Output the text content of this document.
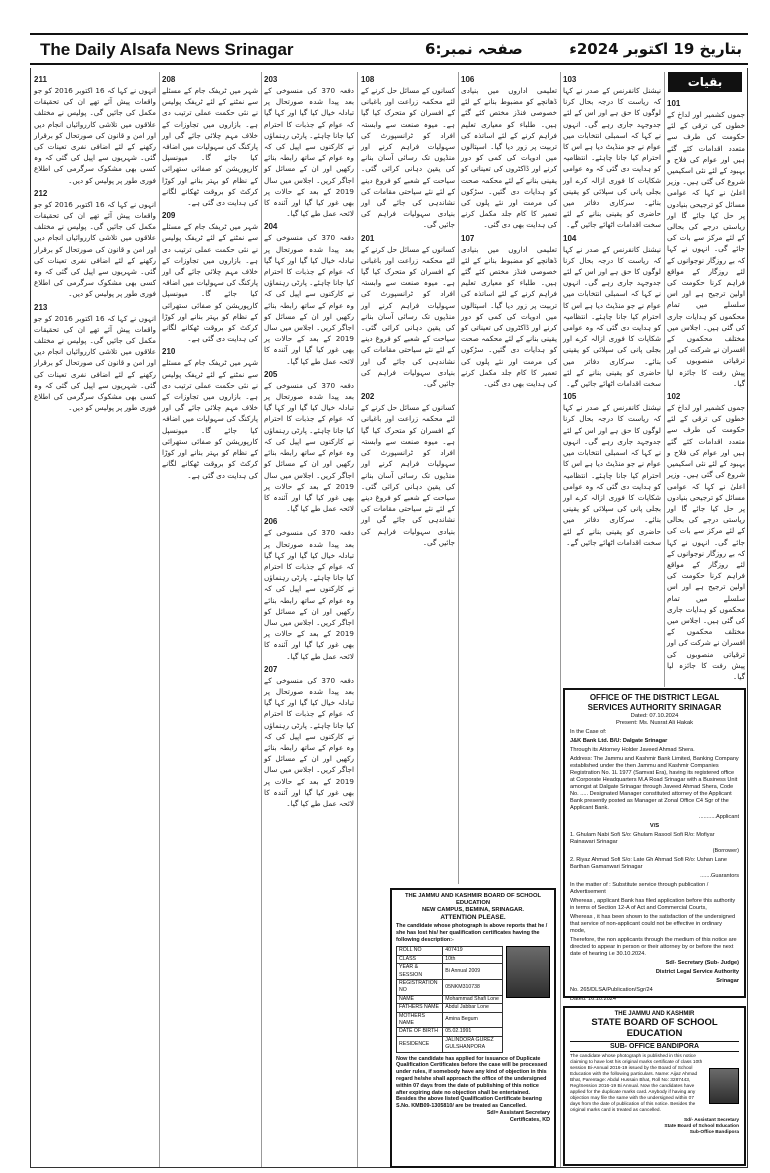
The Daily Alsafa News Srinagar	صفحہ نمبر:6	بتاریخ 19 اکتوبر 2024ء
بقیات
101
جموں کشمیر اور لداخ کے خطوں کی ترقی کے لئے حکومت کی طرف سے متعدد اقدامات کئے گئے ہیں اور عوام کی فلاح و بہبود کے لئے نئی اسکیمیں شروع کی گئی ہیں۔ وزیر اعلیٰ نے کہا کہ عوامی مسائل کو ترجیحی بنیادوں پر حل کیا جائے گا اور ریاستی درجے کی بحالی کے لئے مرکز سے بات کی جائے گی۔ انہوں نے کہا کہ بے روزگار نوجوانوں کے لئے روزگار کے مواقع فراہم کرنا حکومت کی اولین ترجیح ہے اور اس سلسلے میں تمام محکموں کو ہدایات جاری کی گئی ہیں۔ اجلاس میں مختلف محکموں کے افسران نے شرکت کی اور ترقیاتی منصوبوں کی پیش رفت کا جائزہ لیا گیا۔
102
جموں کشمیر اور لداخ کے خطوں کی ترقی کے لئے حکومت کی طرف سے متعدد اقدامات کئے گئے ہیں اور عوام کی فلاح و بہبود کے لئے نئی اسکیمیں شروع کی گئی ہیں۔ وزیر اعلیٰ نے کہا کہ عوامی مسائل کو ترجیحی بنیادوں پر حل کیا جائے گا اور ریاستی درجے کی بحالی کے لئے مرکز سے بات کی جائے گی۔ انہوں نے کہا کہ بے روزگار نوجوانوں کے لئے روزگار کے مواقع فراہم کرنا حکومت کی اولین ترجیح ہے اور اس سلسلے میں تمام محکموں کو ہدایات جاری کی گئی ہیں۔ اجلاس میں مختلف محکموں کے افسران نے شرکت کی اور ترقیاتی منصوبوں کی پیش رفت کا جائزہ لیا گیا۔
103
نیشنل کانفرنس کے صدر نے کہا کہ ریاست کا درجہ بحال کرنا لوگوں کا حق ہے اور اس کے لئے جدوجہد جاری رہے گی۔ انہوں نے کہا کہ اسمبلی انتخابات میں عوام نے جو منڈیٹ دیا ہے اس کا احترام کیا جانا چاہئے۔ انتظامیہ کو ہدایت دی گئی کہ وہ عوامی شکایات کا فوری ازالہ کرے اور بجلی پانی کی سپلائی کو یقینی بنائے۔ سرکاری دفاتر میں حاضری کو یقینی بنانے کے لئے سخت اقدامات اٹھائے جائیں گے۔
104
نیشنل کانفرنس کے صدر نے کہا کہ ریاست کا درجہ بحال کرنا لوگوں کا حق ہے اور اس کے لئے جدوجہد جاری رہے گی۔ انہوں نے کہا کہ اسمبلی انتخابات میں عوام نے جو منڈیٹ دیا ہے اس کا احترام کیا جانا چاہئے۔ انتظامیہ کو ہدایت دی گئی کہ وہ عوامی شکایات کا فوری ازالہ کرے اور بجلی پانی کی سپلائی کو یقینی بنائے۔ سرکاری دفاتر میں حاضری کو یقینی بنانے کے لئے سخت اقدامات اٹھائے جائیں گے۔
105
نیشنل کانفرنس کے صدر نے کہا کہ ریاست کا درجہ بحال کرنا لوگوں کا حق ہے اور اس کے لئے جدوجہد جاری رہے گی۔ انہوں نے کہا کہ اسمبلی انتخابات میں عوام نے جو منڈیٹ دیا ہے اس کا احترام کیا جانا چاہئے۔ انتظامیہ کو ہدایت دی گئی کہ وہ عوامی شکایات کا فوری ازالہ کرے اور بجلی پانی کی سپلائی کو یقینی بنائے۔ سرکاری دفاتر میں حاضری کو یقینی بنانے کے لئے سخت اقدامات اٹھائے جائیں گے۔
106
تعلیمی اداروں میں بنیادی ڈھانچے کو مضبوط بنانے کے لئے خصوصی فنڈز مختص کئے گئے ہیں۔ طلباء کو معیاری تعلیم فراہم کرنے کے لئے اساتذہ کی تربیت پر زور دیا گیا۔ اسپتالوں میں ادویات کی کمی کو دور کرنے اور ڈاکٹروں کی تعیناتی کو یقینی بنانے کے لئے محکمہ صحت کو ہدایات دی گئیں۔ سڑکوں کی مرمت اور نئے پلوں کی تعمیر کا کام جلد مکمل کرنے کی ہدایت بھی دی گئی۔
107
تعلیمی اداروں میں بنیادی ڈھانچے کو مضبوط بنانے کے لئے خصوصی فنڈز مختص کئے گئے ہیں۔ طلباء کو معیاری تعلیم فراہم کرنے کے لئے اساتذہ کی تربیت پر زور دیا گیا۔ اسپتالوں میں ادویات کی کمی کو دور کرنے اور ڈاکٹروں کی تعیناتی کو یقینی بنانے کے لئے محکمہ صحت کو ہدایات دی گئیں۔ سڑکوں کی مرمت اور نئے پلوں کی تعمیر کا کام جلد مکمل کرنے کی ہدایت بھی دی گئی۔
108
کسانوں کے مسائل حل کرنے کے لئے محکمہ زراعت اور باغبانی کے افسران کو متحرک کیا گیا ہے۔ میوہ صنعت سے وابستہ افراد کو ٹرانسپورٹ کی سہولیات فراہم کرنے اور منڈیوں تک رسائی آسان بنانے کی یقین دہانی کرائی گئی۔ سیاحت کے شعبے کو فروغ دینے کے لئے نئے سیاحتی مقامات کی نشاندہی کی جائے گی اور بنیادی سہولیات فراہم کی جائیں گی۔
201
کسانوں کے مسائل حل کرنے کے لئے محکمہ زراعت اور باغبانی کے افسران کو متحرک کیا گیا ہے۔ میوہ صنعت سے وابستہ افراد کو ٹرانسپورٹ کی سہولیات فراہم کرنے اور منڈیوں تک رسائی آسان بنانے کی یقین دہانی کرائی گئی۔ سیاحت کے شعبے کو فروغ دینے کے لئے نئے سیاحتی مقامات کی نشاندہی کی جائے گی اور بنیادی سہولیات فراہم کی جائیں گی۔
202
کسانوں کے مسائل حل کرنے کے لئے محکمہ زراعت اور باغبانی کے افسران کو متحرک کیا گیا ہے۔ میوہ صنعت سے وابستہ افراد کو ٹرانسپورٹ کی سہولیات فراہم کرنے اور منڈیوں تک رسائی آسان بنانے کی یقین دہانی کرائی گئی۔ سیاحت کے شعبے کو فروغ دینے کے لئے نئے سیاحتی مقامات کی نشاندہی کی جائے گی اور بنیادی سہولیات فراہم کی جائیں گی۔
203
دفعہ 370 کی منسوخی کے بعد پیدا شدہ صورتحال پر تبادلہ خیال کیا گیا اور کہا گیا کہ عوام کے جذبات کا احترام کیا جانا چاہئے۔ پارٹی رہنماؤں نے کارکنوں سے اپیل کی کہ وہ عوام کے ساتھ رابطہ بنائے رکھیں اور ان کے مسائل کو اجاگر کریں۔ اجلاس میں سال 2019 کے بعد کے حالات پر بھی غور کیا گیا اور آئندہ کا لائحہ عمل طے کیا گیا۔
204
دفعہ 370 کی منسوخی کے بعد پیدا شدہ صورتحال پر تبادلہ خیال کیا گیا اور کہا گیا کہ عوام کے جذبات کا احترام کیا جانا چاہئے۔ پارٹی رہنماؤں نے کارکنوں سے اپیل کی کہ وہ عوام کے ساتھ رابطہ بنائے رکھیں اور ان کے مسائل کو اجاگر کریں۔ اجلاس میں سال 2019 کے بعد کے حالات پر بھی غور کیا گیا اور آئندہ کا لائحہ عمل طے کیا گیا۔
205
دفعہ 370 کی منسوخی کے بعد پیدا شدہ صورتحال پر تبادلہ خیال کیا گیا اور کہا گیا کہ عوام کے جذبات کا احترام کیا جانا چاہئے۔ پارٹی رہنماؤں نے کارکنوں سے اپیل کی کہ وہ عوام کے ساتھ رابطہ بنائے رکھیں اور ان کے مسائل کو اجاگر کریں۔ اجلاس میں سال 2019 کے بعد کے حالات پر بھی غور کیا گیا اور آئندہ کا لائحہ عمل طے کیا گیا۔
206
دفعہ 370 کی منسوخی کے بعد پیدا شدہ صورتحال پر تبادلہ خیال کیا گیا اور کہا گیا کہ عوام کے جذبات کا احترام کیا جانا چاہئے۔ پارٹی رہنماؤں نے کارکنوں سے اپیل کی کہ وہ عوام کے ساتھ رابطہ بنائے رکھیں اور ان کے مسائل کو اجاگر کریں۔ اجلاس میں سال 2019 کے بعد کے حالات پر بھی غور کیا گیا اور آئندہ کا لائحہ عمل طے کیا گیا۔
207
دفعہ 370 کی منسوخی کے بعد پیدا شدہ صورتحال پر تبادلہ خیال کیا گیا اور کہا گیا کہ عوام کے جذبات کا احترام کیا جانا چاہئے۔ پارٹی رہنماؤں نے کارکنوں سے اپیل کی کہ وہ عوام کے ساتھ رابطہ بنائے رکھیں اور ان کے مسائل کو اجاگر کریں۔ اجلاس میں سال 2019 کے بعد کے حالات پر بھی غور کیا گیا اور آئندہ کا لائحہ عمل طے کیا گیا۔
208
شہر میں ٹریفک جام کے مسئلے سے نمٹنے کے لئے ٹریفک پولیس نے نئی حکمت عملی ترتیب دی ہے۔ بازاروں میں تجاوزات کے خلاف مہم چلائی جائے گی اور پارکنگ کی سہولیات میں اضافہ کیا جائے گا۔ میونسپل کارپوریشن کو صفائی ستھرائی کے نظام کو بہتر بنانے اور کوڑا کرکٹ کو بروقت ٹھکانے لگانے کی ہدایت دی گئی ہے۔
209
شہر میں ٹریفک جام کے مسئلے سے نمٹنے کے لئے ٹریفک پولیس نے نئی حکمت عملی ترتیب دی ہے۔ بازاروں میں تجاوزات کے خلاف مہم چلائی جائے گی اور پارکنگ کی سہولیات میں اضافہ کیا جائے گا۔ میونسپل کارپوریشن کو صفائی ستھرائی کے نظام کو بہتر بنانے اور کوڑا کرکٹ کو بروقت ٹھکانے لگانے کی ہدایت دی گئی ہے۔
210
شہر میں ٹریفک جام کے مسئلے سے نمٹنے کے لئے ٹریفک پولیس نے نئی حکمت عملی ترتیب دی ہے۔ بازاروں میں تجاوزات کے خلاف مہم چلائی جائے گی اور پارکنگ کی سہولیات میں اضافہ کیا جائے گا۔ میونسپل کارپوریشن کو صفائی ستھرائی کے نظام کو بہتر بنانے اور کوڑا کرکٹ کو بروقت ٹھکانے لگانے کی ہدایت دی گئی ہے۔
211
انہوں نے کہا کہ 16 اکتوبر 2016 کو جو واقعات پیش آئے تھے ان کی تحقیقات مکمل کی جائیں گی۔ پولیس نے مختلف علاقوں میں تلاشی کارروائیاں انجام دیں اور امن و قانون کی صورتحال کو برقرار رکھنے کے لئے اضافی نفری تعینات کی گئی۔ شہریوں سے اپیل کی گئی کہ وہ کسی بھی مشکوک سرگرمی کی اطلاع فوری طور پر پولیس کو دیں۔
212
انہوں نے کہا کہ 16 اکتوبر 2016 کو جو واقعات پیش آئے تھے ان کی تحقیقات مکمل کی جائیں گی۔ پولیس نے مختلف علاقوں میں تلاشی کارروائیاں انجام دیں اور امن و قانون کی صورتحال کو برقرار رکھنے کے لئے اضافی نفری تعینات کی گئی۔ شہریوں سے اپیل کی گئی کہ وہ کسی بھی مشکوک سرگرمی کی اطلاع فوری طور پر پولیس کو دیں۔
213
انہوں نے کہا کہ 16 اکتوبر 2016 کو جو واقعات پیش آئے تھے ان کی تحقیقات مکمل کی جائیں گی۔ پولیس نے مختلف علاقوں میں تلاشی کارروائیاں انجام دیں اور امن و قانون کی صورتحال کو برقرار رکھنے کے لئے اضافی نفری تعینات کی گئی۔ شہریوں سے اپیل کی گئی کہ وہ کسی بھی مشکوک سرگرمی کی اطلاع فوری طور پر پولیس کو دیں۔
OFFICE OF THE DISTRICT LEGAL SERVICES AUTHORITY SRINAGAR
Dated: 07.10.2024
Present: Ms. Nusrat Ali Hakak

In the Case of:

J&K Bank Ltd. B/U: Dalgate Srinagar

Through its Attorney Holder Javeed Ahmad Shera.

Address: The Jammu and Kashmir Bank Limited, Banking Company established under the then Jammu and Kashmir Companies Registration No. 1L 1977 (Samvat Era), having its registered office at Corporate Headquarters M.A Road Srinagar with a Business Unit amongst at Dalgate Srinagar through Javeed Ahmad Shera, Code No. ..... Designated Manager constituted attorney of the Applicant Bank presently posted as Manager at Zonal Office C4 Sgr of the Applicant Bank.

...........Applicant

V/S

1. Ghulam Nabi Sofi S/o: Ghulam Rasool Sofi R/o: Mofiyar Rainawari Srinagar

(Borrower)

2. Riyaz Ahmad Sofi S/o: Late Gh Ahmad Sofi R/o: Ushan Lane Barthan Gamanwari Srinagar

.......Guarantors

In the matter of : Substitute service through publication / Advertisement

Whereas , applicant Bank has filed application before this authority in terms of Section 12-A of Act and Commercial Courts,

Whereas , it has been shown to the satisfaction of the undersigned that service of non-applicant could not be effective in ordinary mode,

Therefore, the non applicants through the medium of this notice are directed to appear in person or their attorney by or before the next date of hearing i.e 30.10.2024.

Sd/- Secretary (Sub- Judge)

District Legal Service Authority

Srinagar

No. 265/DLSA/Publication/Sgr/24

Dated: 16.10.2024

THE JAMMU AND KASHMIR
STATE BOARD OF SCHOOL EDUCATION
SUB- OFFICE BANDIPORA
The candidate whose photograph is published in this notice claiming to have lost his original marks certificate of class 10th session Bi-Annual 2016-19 issued by the Board of School Education with the following particulars. Name: Aijaz Ahmad Bhat, Parentage: Abdul Hussain Bhat, Roll No: 3287443, Reg/Session 2016-19 Bi Annual. Now the candidates have applied for the duplicate marks card. Anybody if having any objection may file the same with the undersigned within 07 days from the date of publication of this notice. Besides the original marks card is treated as cancelled.
Sd/- Assistant Secretary
State Board of School Education
Sub-Office Bandipora
THE JAMMU AND KASHMIR BOARD OF SCHOOL EDUCATION
NEW CAMPUS, BEMINA, SRINAGAR.
ATTENTION PLEASE.
The candidate whose photograph is above reports that he / she has lost his/ her qualification certificates having the following description:-
ROLL NO	407419
CLASS	10th
YEAR & SESSION	Bi Annual 2009
REGISTRATION NO	05NKM310738
NAME	Mohammad Shafi Lone
FATHERS NAME	Abdul Jabbar Lone
MOTHERS NAME	Amina Begum
DATE OF BIRTH	05.02.1991
RESIDENCE	JALINDORA GUREZ GULSHANPORA
Now the candidate has applied for issuance of Duplicate Qualification Certificates before the case will be processed under rules, if somebody have any kind of objection in this regard he/she shall approach the office of the undersigned within 07 days from the date of publishing of this notice after expiring date no objection shall be entertained. Besides the above listed Qualification Certificate bearing S.No. KMB09-1305810/ are be treated as Cancelled.
Sd/= Assistant Secretary
Certificates, KD
